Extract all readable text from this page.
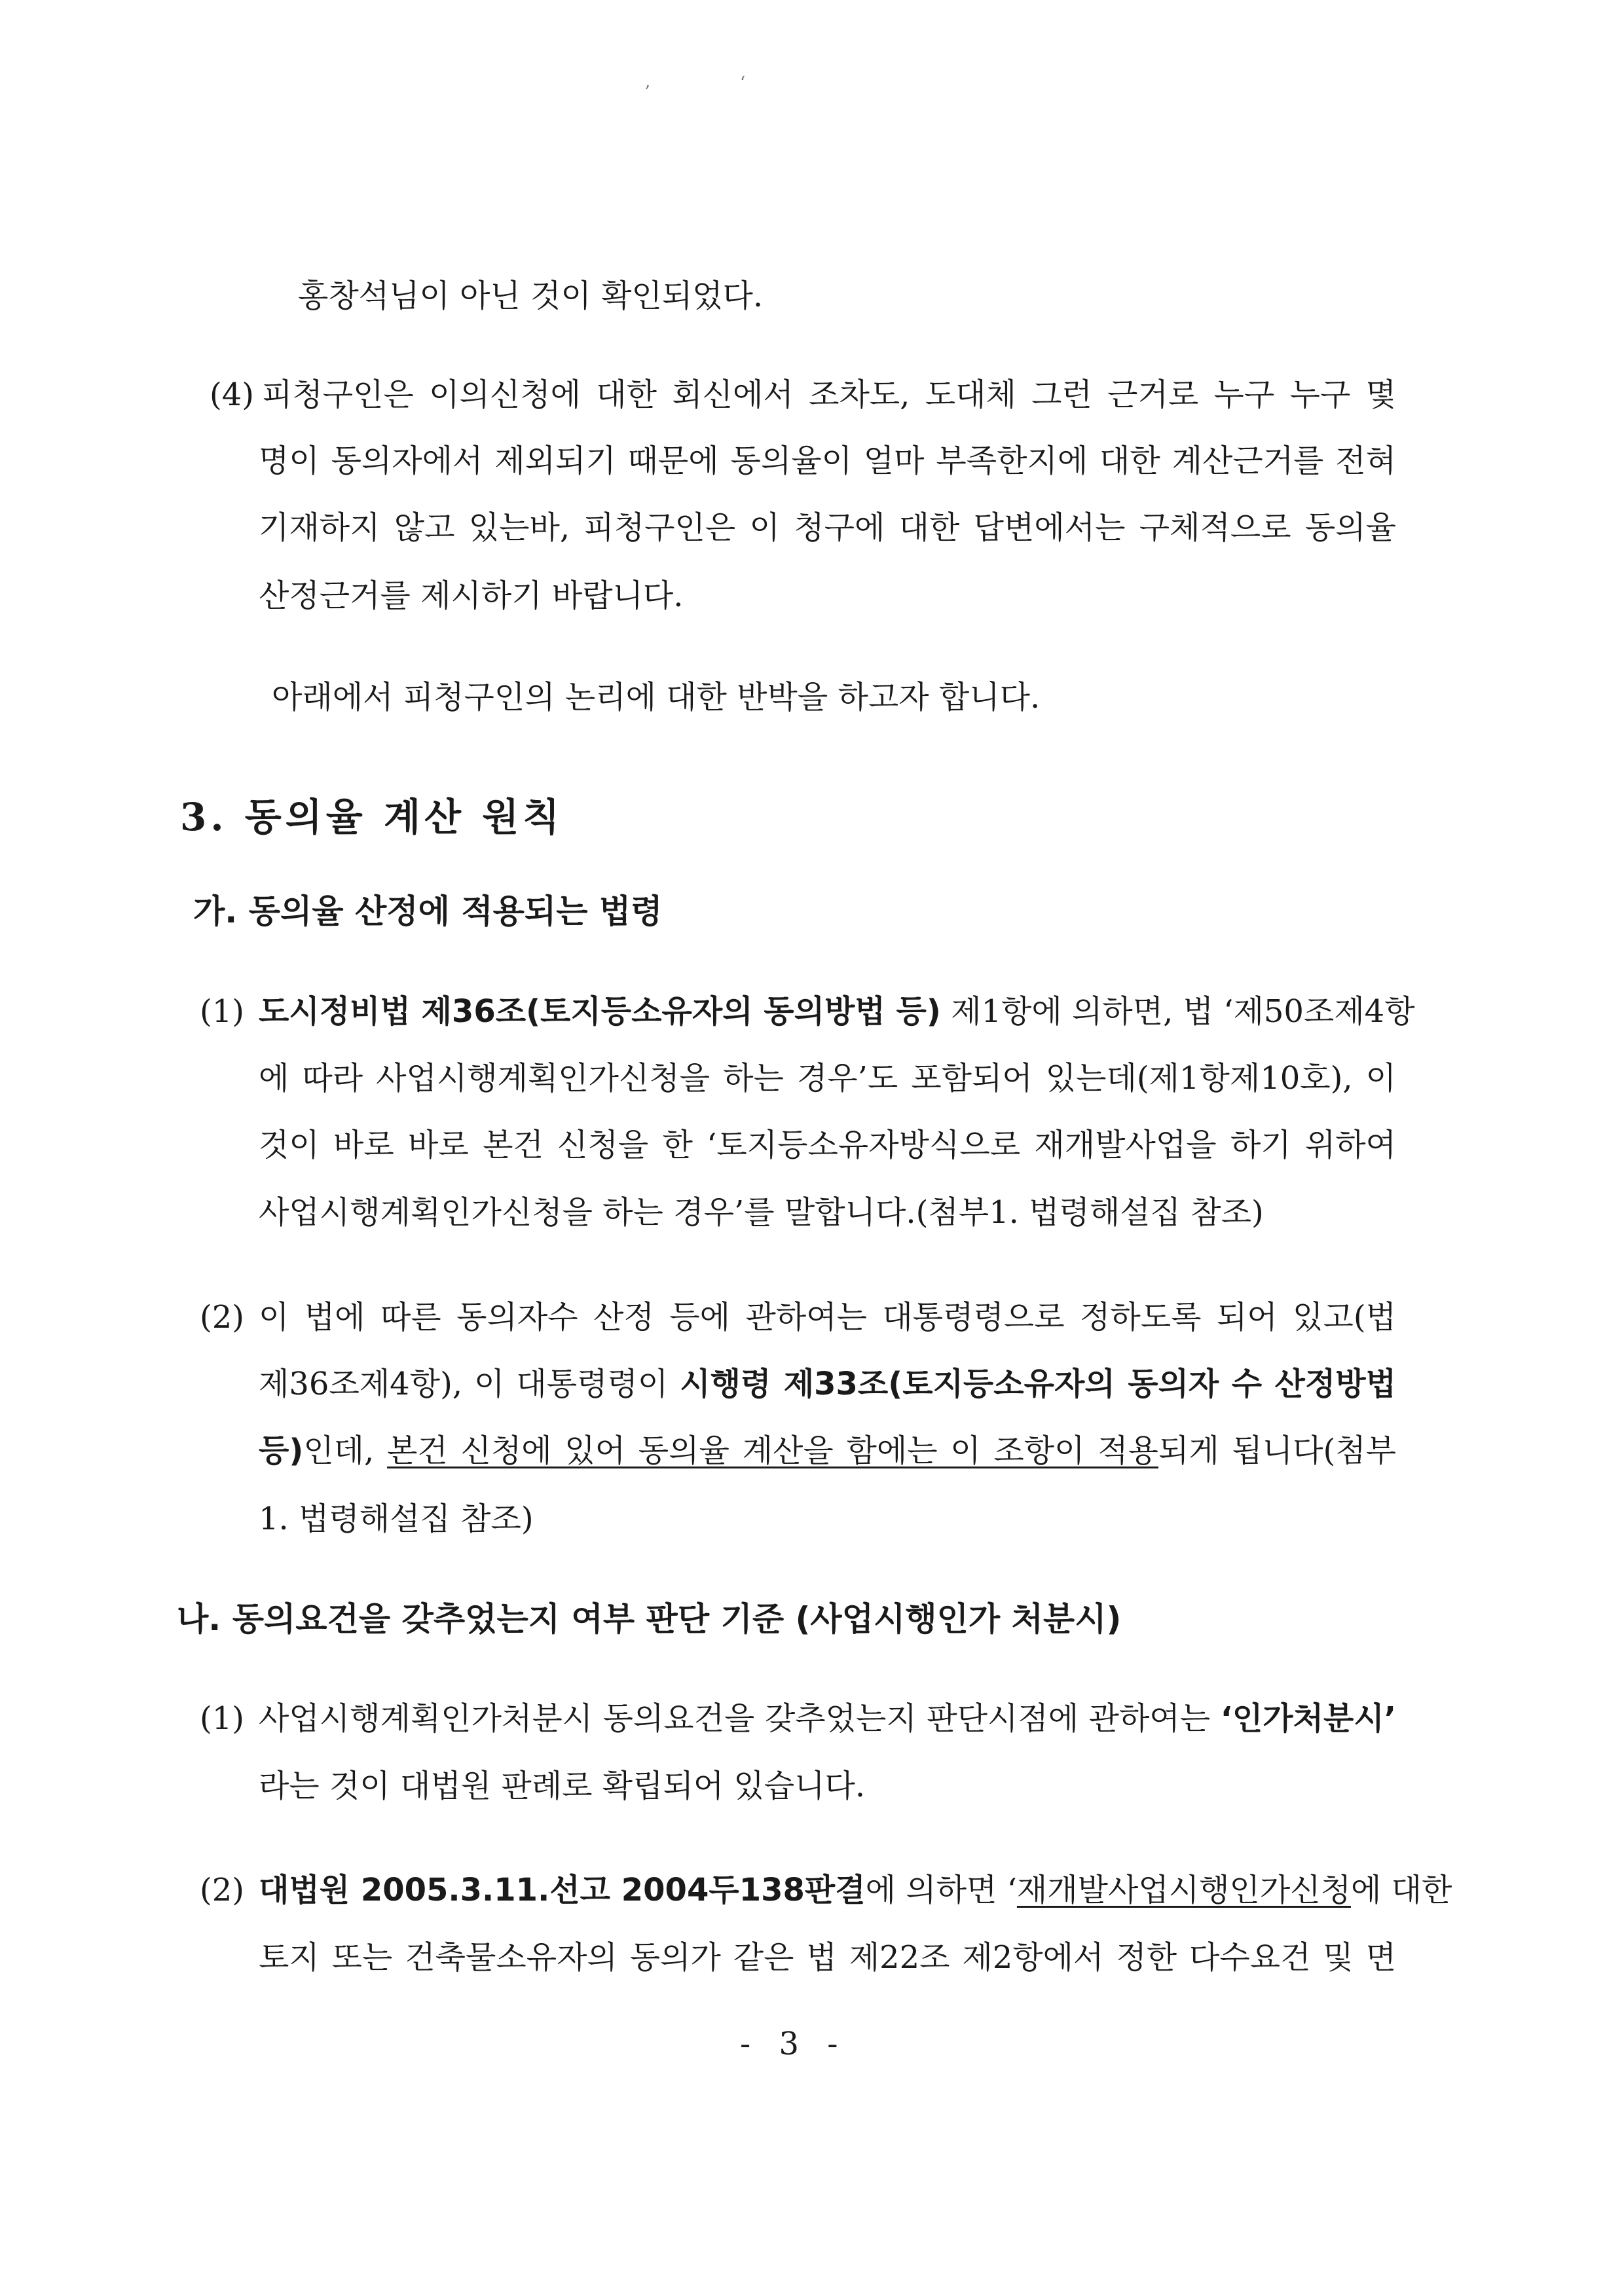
,	‘
홍창석님이 아닌 것이 확인되었다.
(4) 피청구인은 이의신청에 대한 회신에서 조차도, 도대체 그런 근거로 누구 누구 몇
명이 동의자에서 제외되기 때문에 동의율이 얼마 부족한지에 대한 계산근거를 전혀
기재하지 않고 있는바, 피청구인은 이 청구에 대한 답변에서는 구체적으로 동의율
산정근거를 제시하기 바랍니다.
아래에서 피청구인의 논리에 대한 반박을 하고자 합니다.
3. 동의율 계산 원칙
가. 동의율 산정에 적용되는 법령
(1) 도시정비법 제36조(토지등소유자의 동의방법 등) 제1항에 의하면, 법 ‘제50조제4항
에 따라 사업시행계획인가신청을 하는 경우’도 포함되어 있는데(제1항제10호), 이
것이 바로 바로 본건 신청을 한 ‘토지등소유자방식으로 재개발사업을 하기 위하여
사업시행계획인가신청을 하는 경우’를 말합니다.(첨부1. 법령해설집 참조)
(2) 이 법에 따른 동의자수 산정 등에 관하여는 대통령령으로 정하도록 되어 있고(법
제36조제4항), 이 대통령령이 시행령 제33조(토지등소유자의 동의자 수 산정방법
등)인데, 본건 신청에 있어 동의율 계산을 함에는 이 조항이 적용되게 됩니다(첨부
1. 법령해설집 참조)
나. 동의요건을 갖추었는지 여부 판단 기준 (사업시행인가 처분시)
(1) 사업시행계획인가처분시 동의요건을 갖추었는지 판단시점에 관하여는 ‘인가처분시’
라는 것이 대법원 판례로 확립되어 있습니다.
(2) 대법원 2005.3.11.선고 2004두138판결에 의하면 ‘재개발사업시행인가신청에 대한
토지 또는 건축물소유자의 동의가 같은 법 제22조 제2항에서 정한 다수요건 및 면
- 3 -
